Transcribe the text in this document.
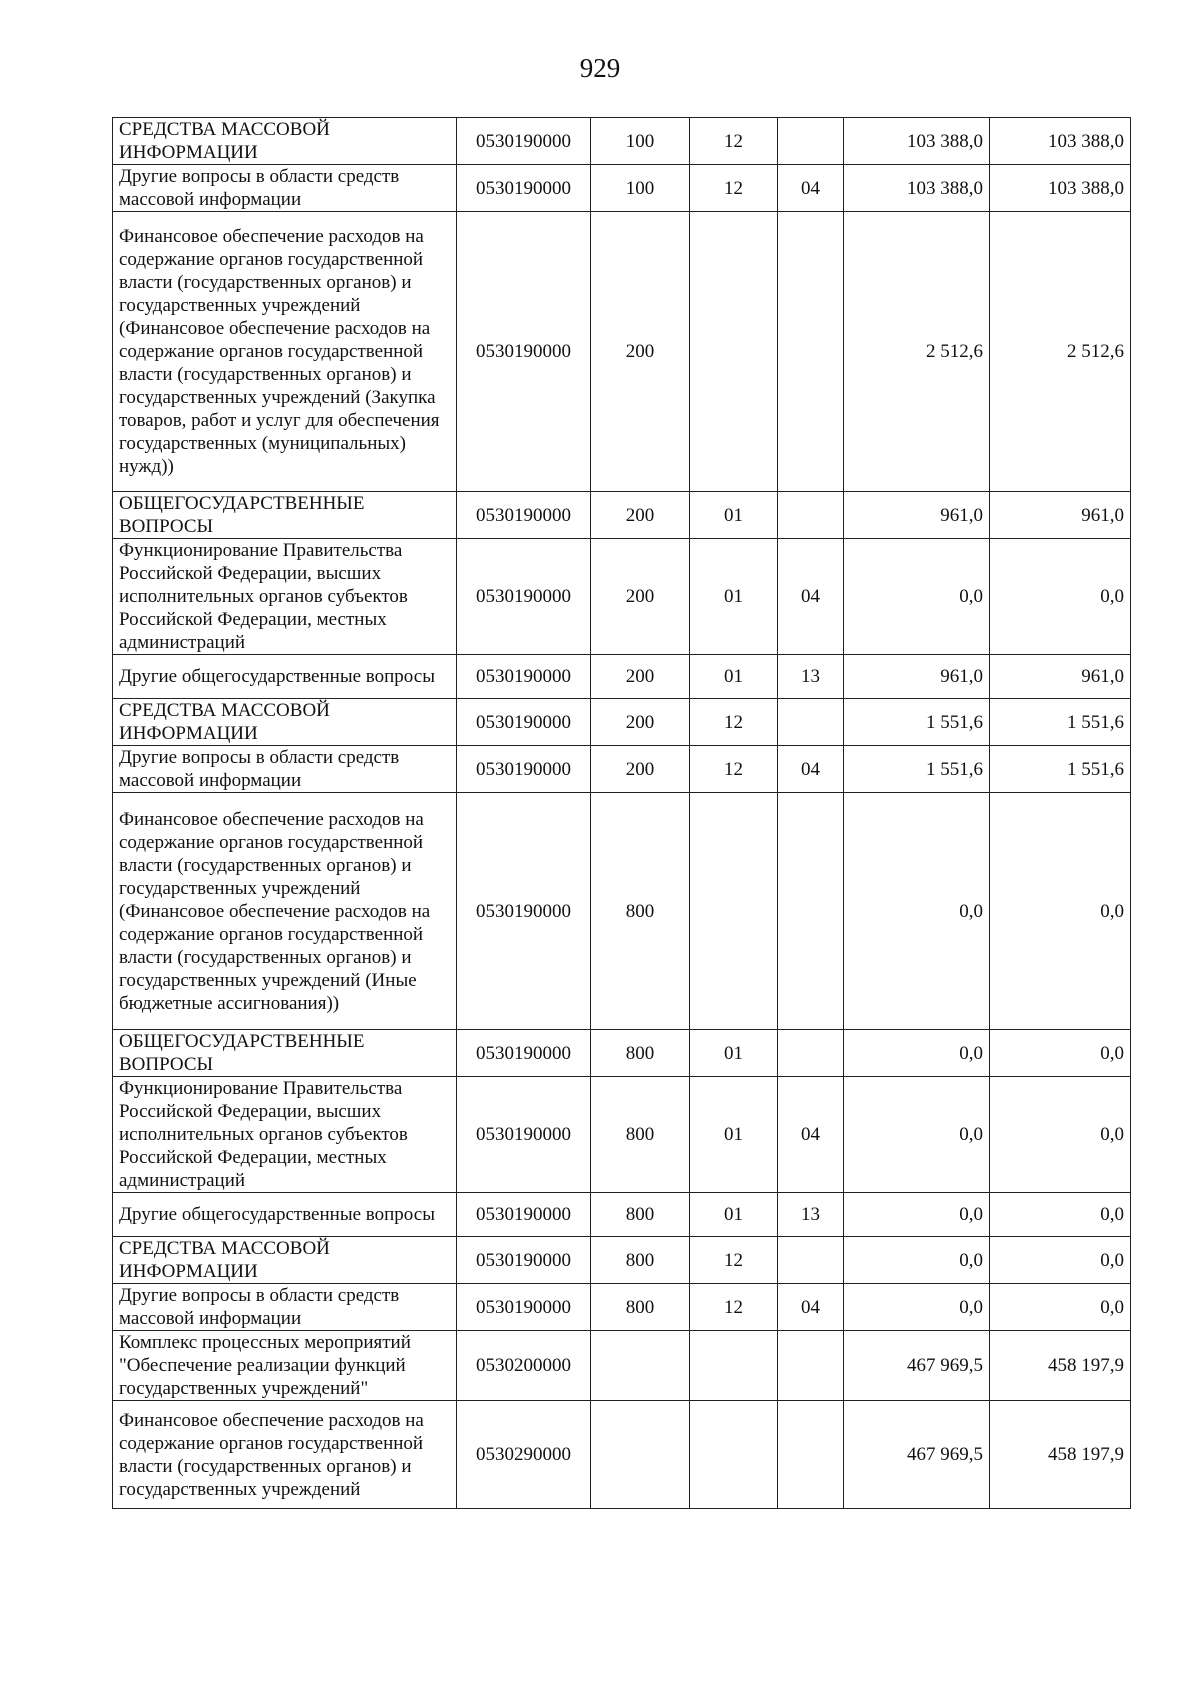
929
СРЕДСТВА МАССОВОЙ ИНФОРМАЦИИ	0530190000	100	12		103 388,0	103 388,0
Другие вопросы в области средств массовой информации	0530190000	100	12	04	103 388,0	103 388,0
Финансовое обеспечение расходов на содержание органов государственной власти (государственных органов) и государственных учреждений (Финансовое обеспечение расходов на содержание органов государственной власти (государственных органов) и государственных учреждений (Закупка товаров, работ и услуг для обеспечения государственных (муниципальных) нужд))	0530190000	200			2 512,6	2 512,6
ОБЩЕГОСУДАРСТВЕННЫЕ ВОПРОСЫ	0530190000	200	01		961,0	961,0
Функционирование Правительства Российской Федерации, высших исполнительных органов субъектов Российской Федерации, местных администраций	0530190000	200	01	04	0,0	0,0
Другие общегосударственные вопросы	0530190000	200	01	13	961,0	961,0
СРЕДСТВА МАССОВОЙ ИНФОРМАЦИИ	0530190000	200	12		1 551,6	1 551,6
Другие вопросы в области средств массовой информации	0530190000	200	12	04	1 551,6	1 551,6
Финансовое обеспечение расходов на содержание органов государственной власти (государственных органов) и государственных учреждений (Финансовое обеспечение расходов на содержание органов государственной власти (государственных органов) и государственных учреждений (Иные бюджетные ассигнования))	0530190000	800			0,0	0,0
ОБЩЕГОСУДАРСТВЕННЫЕ ВОПРОСЫ	0530190000	800	01		0,0	0,0
Функционирование Правительства Российской Федерации, высших исполнительных органов субъектов Российской Федерации, местных администраций	0530190000	800	01	04	0,0	0,0
Другие общегосударственные вопросы	0530190000	800	01	13	0,0	0,0
СРЕДСТВА МАССОВОЙ ИНФОРМАЦИИ	0530190000	800	12		0,0	0,0
Другие вопросы в области средств массовой информации	0530190000	800	12	04	0,0	0,0
Комплекс процессных мероприятий "Обеспечение реализации функций государственных учреждений"	0530200000				467 969,5	458 197,9
Финансовое обеспечение расходов на содержание органов государственной власти (государственных органов) и государственных учреждений	0530290000				467 969,5	458 197,9
